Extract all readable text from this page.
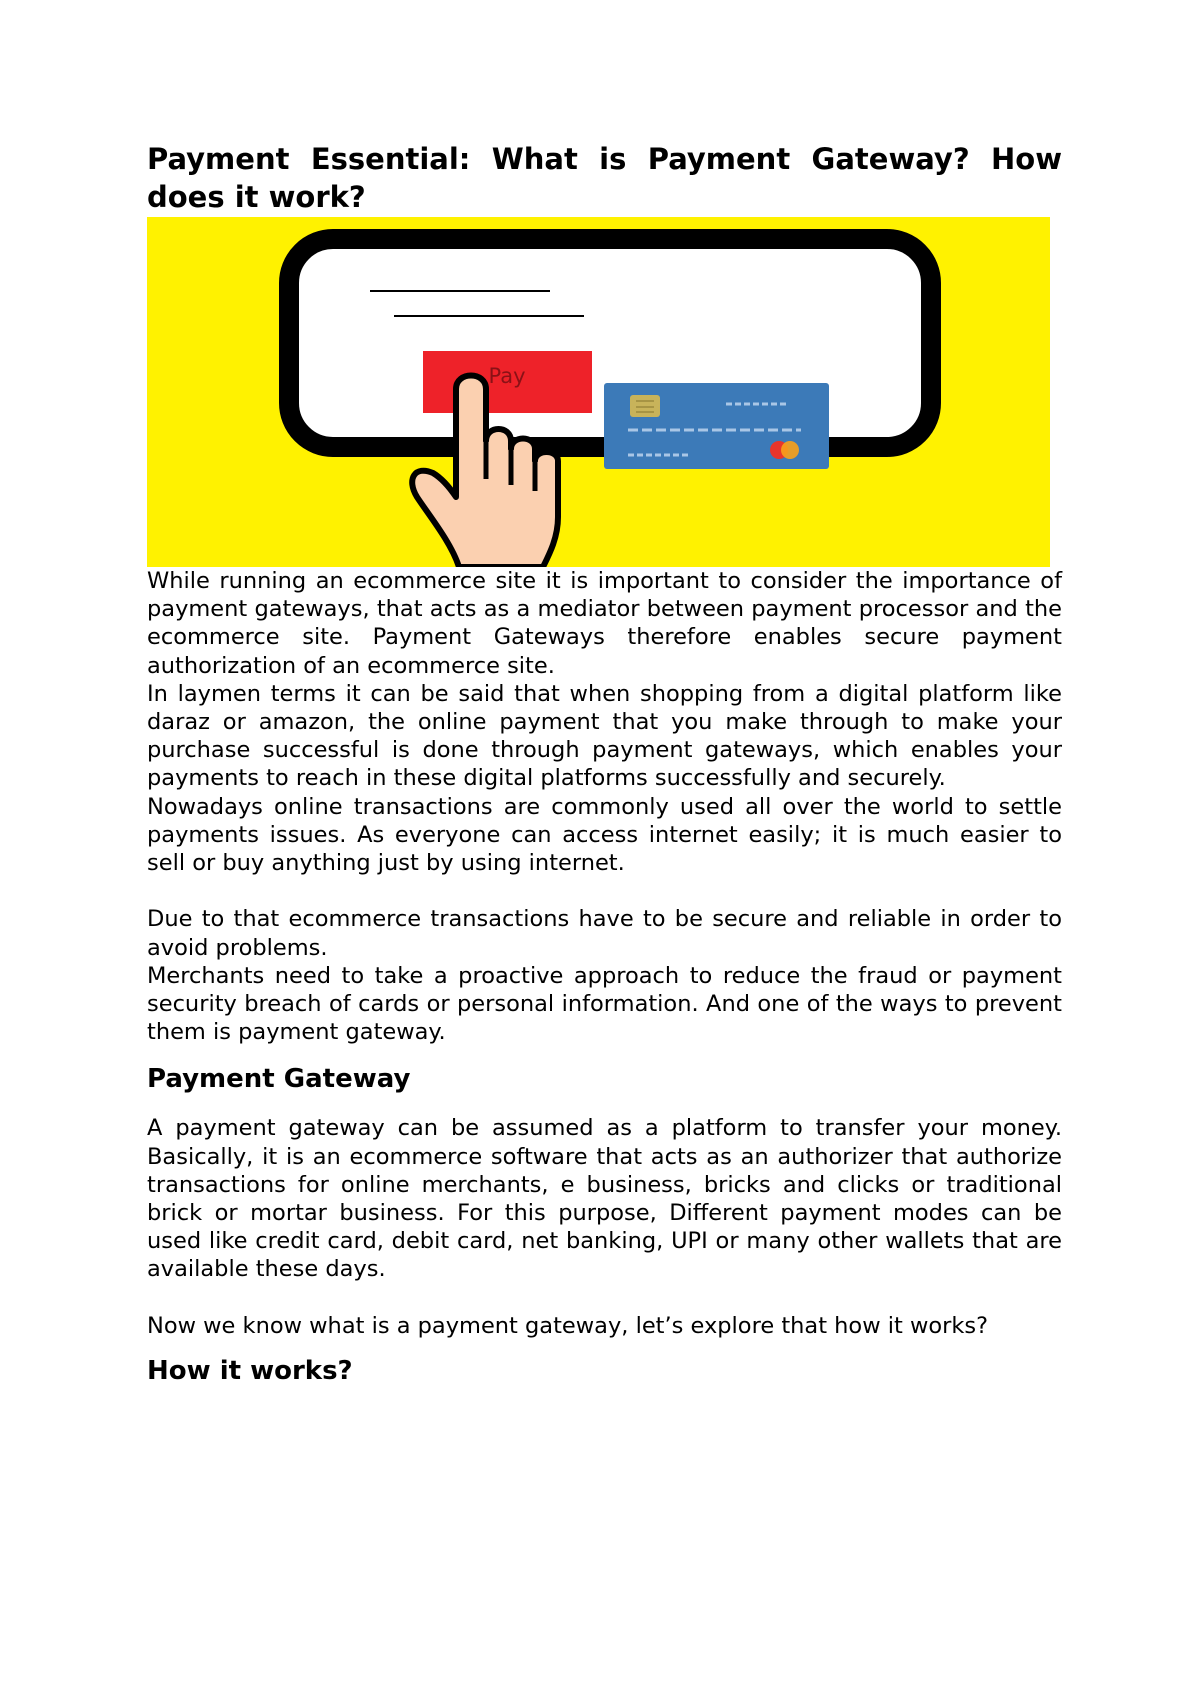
Payment Essential: What is Payment Gateway? How does it work?
Pay

While running an ecommerce site it is important to consider the importance of payment gateways, that acts as a mediator between payment processor and the ecommerce site. Payment Gateways therefore enables secure payment authorization of an ecommerce site.

In laymen terms it can be said that when shopping from a digital platform like daraz or amazon, the online payment that you make through to make your purchase successful is done through payment gateways, which enables your payments to reach in these digital platforms successfully and securely.

Nowadays online transactions are commonly used all over the world to settle payments issues. As everyone can access internet easily; it is much easier to sell or buy anything just by using internet.

Due to that ecommerce transactions have to be secure and reliable in order to avoid problems.

Merchants need to take a proactive approach to reduce the fraud or payment security breach of cards or personal information. And one of the ways to prevent them is payment gateway.

Payment Gateway

A payment gateway can be assumed as a platform to transfer your money. Basically, it is an ecommerce software that acts as an authorizer that authorize transactions for online merchants, e business, bricks and clicks or traditional brick or mortar business. For this purpose, Different payment modes can be used like credit card, debit card, net banking, UPI or many other wallets that are available these days.

Now we know what is a payment gateway, let’s explore that how it works?

How it works?
